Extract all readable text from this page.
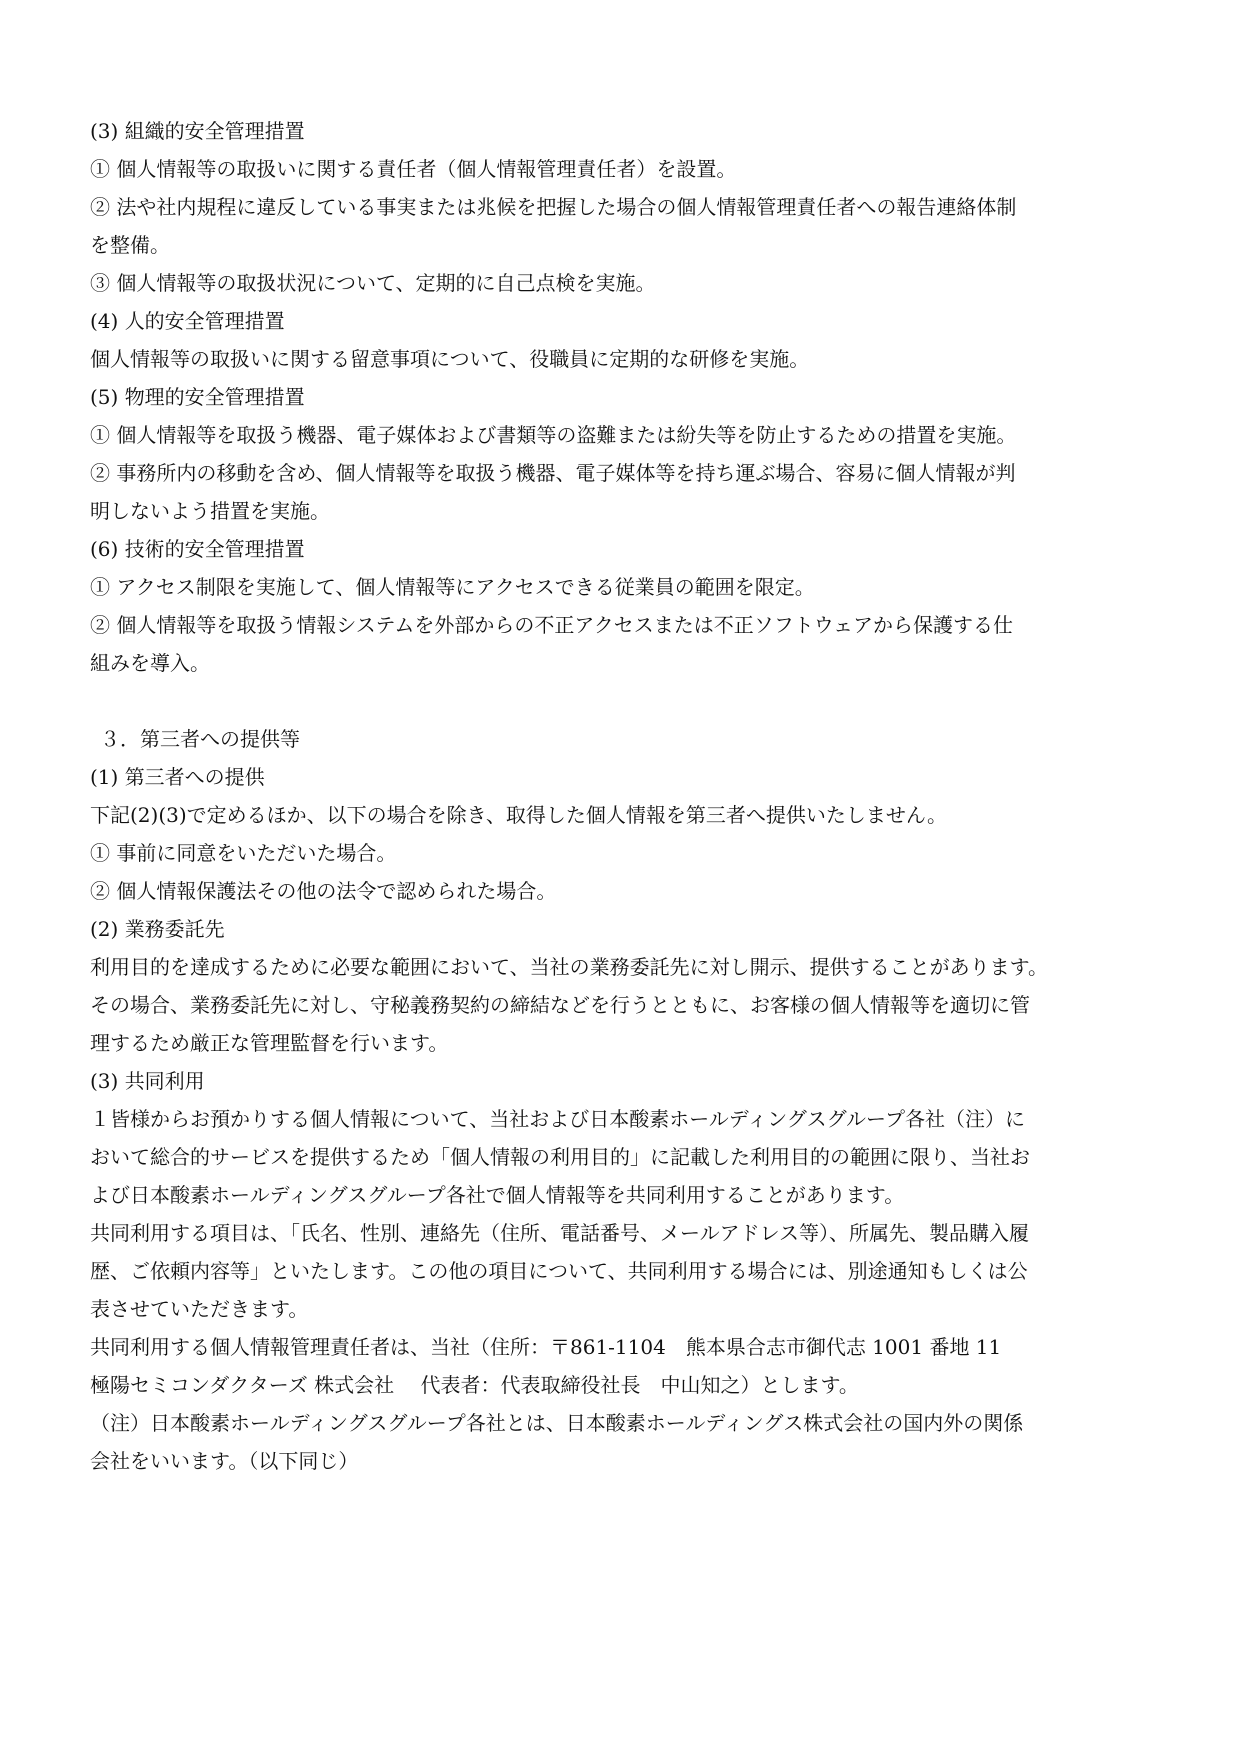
(3) 組織的安全管理措置
① 個人情報等の取扱いに関する責任者（個人情報管理責任者）を設置。
② 法や社内規程に違反している事実または兆候を把握した場合の個人情報管理責任者への報告連絡体制
を整備。
③ 個人情報等の取扱状況について、定期的に自己点検を実施。
(4) 人的安全管理措置
個人情報等の取扱いに関する留意事項について、役職員に定期的な研修を実施。
(5) 物理的安全管理措置
① 個人情報等を取扱う機器、電子媒体および書類等の盗難または紛失等を防止するための措置を実施。
② 事務所内の移動を含め、個人情報等を取扱う機器、電子媒体等を持ち運ぶ場合、容易に個人情報が判
明しないよう措置を実施。
(6) 技術的安全管理措置
① アクセス制限を実施して、個人情報等にアクセスできる従業員の範囲を限定。
② 個人情報等を取扱う情報システムを外部からの不正アクセスまたは不正ソフトウェアから保護する仕
組みを導入。
３．第三者への提供等
(1) 第三者への提供
下記(2)(3)で定めるほか、以下の場合を除き、取得した個人情報を第三者へ提供いたしません。
① 事前に同意をいただいた場合。
② 個人情報保護法その他の法令で認められた場合。
(2) 業務委託先
利用目的を達成するために必要な範囲において、当社の業務委託先に対し開示、提供することがあります。
その場合、業務委託先に対し、守秘義務契約の締結などを行うとともに、お客様の個人情報等を適切に管
理するため厳正な管理監督を行います。
(3) 共同利用
１皆様からお預かりする個人情報について、当社および日本酸素ホールディングスグループ各社（注）に
おいて総合的サービスを提供するため「個人情報の利用目的」に記載した利用目的の範囲に限り、当社お
よび日本酸素ホールディングスグループ各社で個人情報等を共同利用することがあります。
共同利用する項目は、「氏名、性別、連絡先（住所、電話番号、メールアドレス等）、所属先、製品購入履
歴、ご依頼内容等」といたします。この他の項目について、共同利用する場合には、別途通知もしくは公
表させていただきます。
共同利用する個人情報管理責任者は、当社（住所：〒861-1104　熊本県合志市御代志 1001 番地 11
極陽セミコンダクターズ 株式会社　 代表者：代表取締役社長　中山知之）とします。
（注）日本酸素ホールディングスグループ各社とは、日本酸素ホールディングス株式会社の国内外の関係
会社をいいます。（以下同じ）
